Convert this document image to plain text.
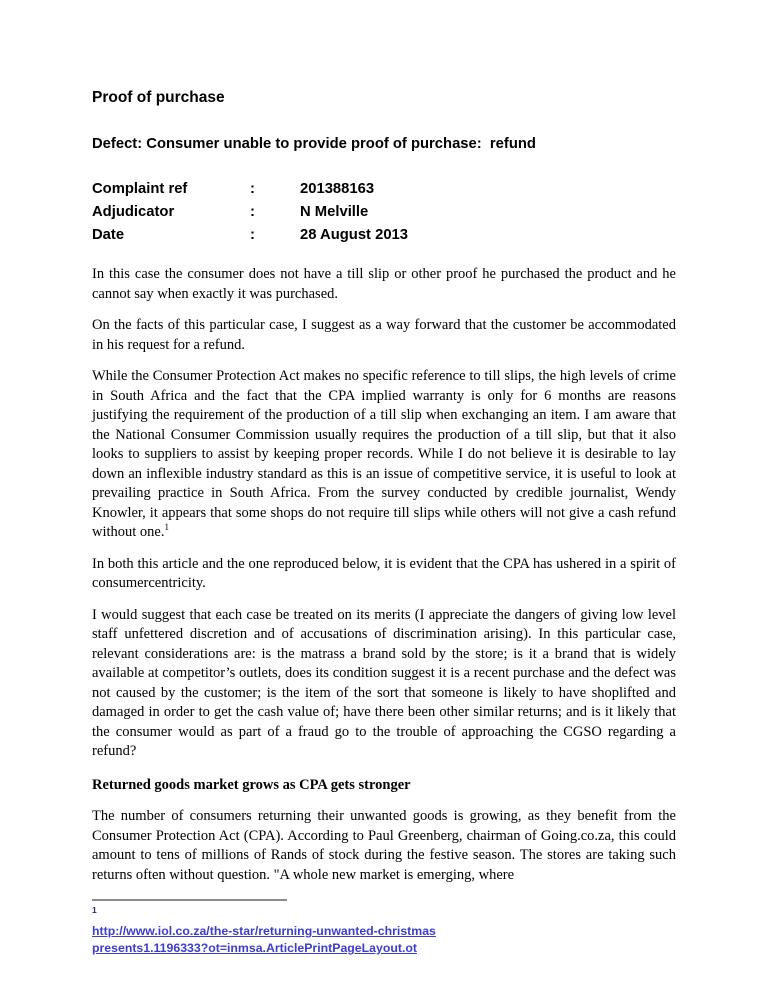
Proof of purchase
Defect: Consumer unable to provide proof of purchase:  refund
Complaint ref	:	201388163
Adjudicator	:	N Melville
Date	:	28 August 2013

In this case the consumer does not have a till slip or other proof he purchased the product and he cannot say when exactly it was purchased.

On the facts of this particular case, I suggest as a way forward that the customer be accommodated in his request for a refund.

While the Consumer Protection Act makes no specific reference to till slips, the high levels of crime in South Africa and the fact that the CPA implied warranty is only for 6 months are reasons justifying the requirement of the production of a till slip when exchanging an item. I am aware that the National Consumer Commission usually requires the production of a till slip, but that it also looks to suppliers to assist by keeping proper records. While I do not believe it is desirable to lay down an inflexible industry standard as this is an issue of competitive service, it is useful to look at prevailing practice in South Africa. From the survey conducted by credible journalist, Wendy Knowler, it appears that some shops do not require till slips while others will not give a cash refund without one.$^1$

In both this article and the one reproduced below, it is evident that the CPA has ushered in a spirit of consumercentricity.

I would suggest that each case be treated on its merits (I appreciate the dangers of giving low level staff unfettered discretion and of accusations of discrimination arising). In this particular case, relevant considerations are: is the matrass a brand sold by the store; is it a brand that is widely available at competitor’s outlets, does its condition suggest it is a recent purchase and the defect was not caused by the customer; is the item of the sort that someone is likely to have shoplifted and damaged in order to get the cash value of; have there been other similar returns; and is it likely that the consumer would as part of a fraud go to the trouble of approaching the CGSO regarding a refund?

Returned goods market grows as CPA gets stronger

The number of consumers returning their unwanted goods is growing, as they benefit from the Consumer Protection Act (CPA). According to Paul Greenberg, chairman of Going.co.za, this could amount to tens of millions of Rands of stock during the festive season. The stores are taking such returns often without question. "A whole new market is emerging, where

$^1$
http://www.iol.co.za/the-star/returning-unwanted-christmas
presents1.1196333?ot=inmsa.ArticlePrintPageLayout.ot
